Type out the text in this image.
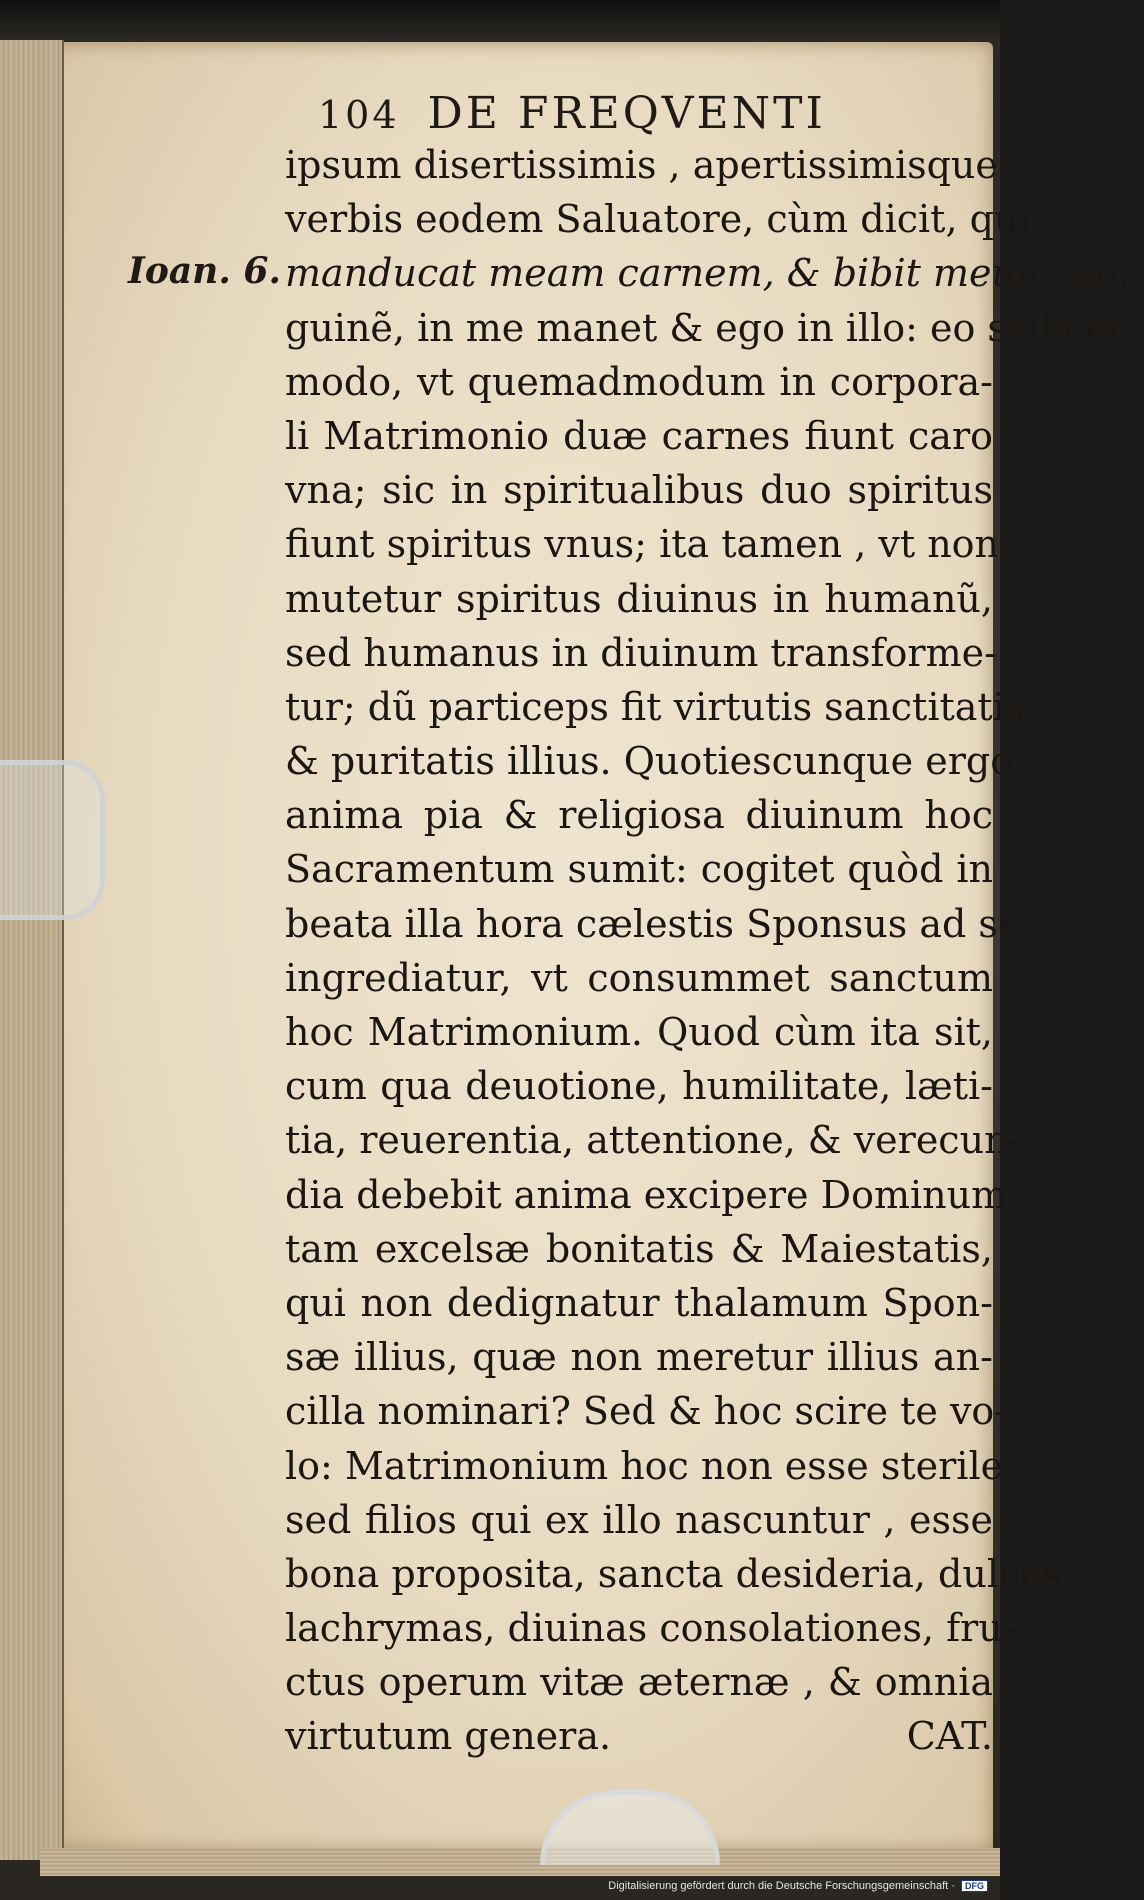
104 DE FREQVENTI
Ioan. 6.
ipsum disertissimis , apertissimisque
verbis eodem Saluatore, cùm dicit, qui
manducat meam carnem, & bibit meum san-
guinẽ, in me manet & ego in illo: eo scilicet
modo, vt quemadmodum in corpora-
li Matrimonio duæ carnes fiunt caro
vna; sic in spiritualibus duo spiritus
fiunt spiritus vnus; ita tamen , vt non
mutetur spiritus diuinus in humanũ,
sed humanus in diuinum transforme-
tur; dũ particeps fit virtutis sanctitatis
& puritatis illius. Quotiescunque ergo
anima pia & religiosa diuinum hoc
Sacramentum sumit: cogitet quòd in
beata illa hora cælestis Sponsus ad se
ingrediatur, vt consummet sanctum
hoc Matrimonium. Quod cùm ita sit,
cum qua deuotione, humilitate, læti-
tia, reuerentia, attentione, & verecun-
dia debebit anima excipere Dominum
tam excelsæ bonitatis & Maiestatis,
qui non dedignatur thalamum Spon-
sæ illius, quæ non meretur illius an-
cilla nominari? Sed & hoc scire te vo-
lo: Matrimonium hoc non esse sterile,
sed filios qui ex illo nascuntur , esse
bona proposita, sancta desideria, dulces
lachrymas, diuinas consolationes, fru-
ctus operum vitæ æternæ , & omnia
virtutum genera.	CAT.
Digitalisierung gefördert durch die Deutsche Forschungsgemeinschaft · DFG
